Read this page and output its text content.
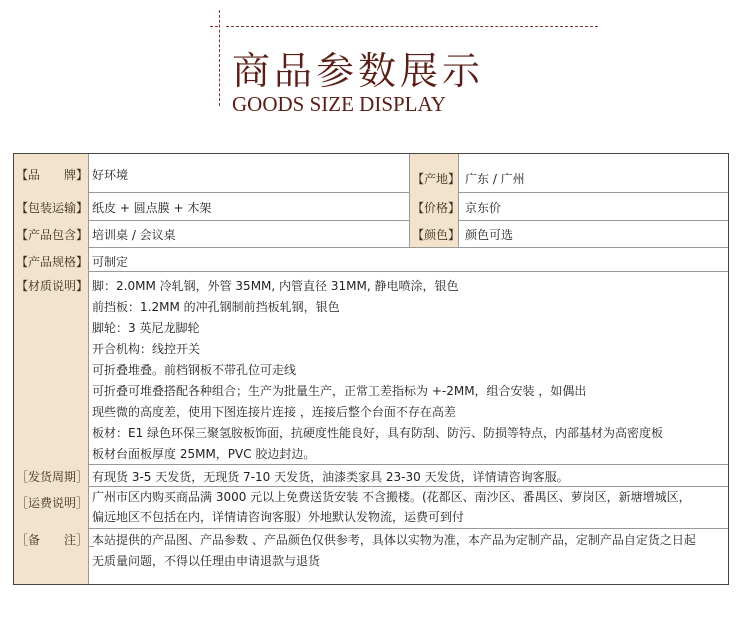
商品参数展示
GOODS SIZE DISPLAY
【品　　牌】 好环境	【产地】 广东 / 广州
【包装运输】 纸皮 + 圆点膜 + 木架	【价格】 京东价
【产品包含】 培训桌 / 会议桌	【颜色】 颜色可选
【产品规格】 可制定
【材质说明】 脚：2.0MM 冷轧钢，外管 35MM, 内管直径 31MM, 静电喷涂，银色
前挡板：1.2MM 的冲孔钢制前挡板轧钢，银色
脚轮：3 英尼龙脚轮
开合机构：线控开关
可折叠堆叠。前档钢板不带孔位可走线
可折叠可堆叠搭配各种组合；生产为批量生产，正常工差指标为 +-2MM，组合安装 ，如偶出
现些微的高度差，使用下图连接片连接 ，连接后整个台面不存在高差
板材：E1 绿色环保三聚氢胺板饰面，抗硬度性能良好，具有防刮、防污、防损等特点，内部基材为高密度板
板材台面板厚度 25MM，PVC 胶边封边。
［发货周期］ 有现货 3-5 天发货，无现货 7-10 天发货，油漆类家具 23-30 天发货，详情请咨询客服。
［运费说明］ 广州市区内购买商品满 3000 元以上免费送货安装 不含搬楼。(花都区、南沙区、番禺区、萝岗区，新塘增城区，
偏远地区不包括在内，详情请咨询客服）外地默认发物流，运费可到付
［备　　注］ 本站提供的产品图、产品参数 、产品颜色仅供参考，具体以实物为准，本产品为定制产品，定制产品自定货之日起
无质量问题，不得以任理由申请退款与退货
